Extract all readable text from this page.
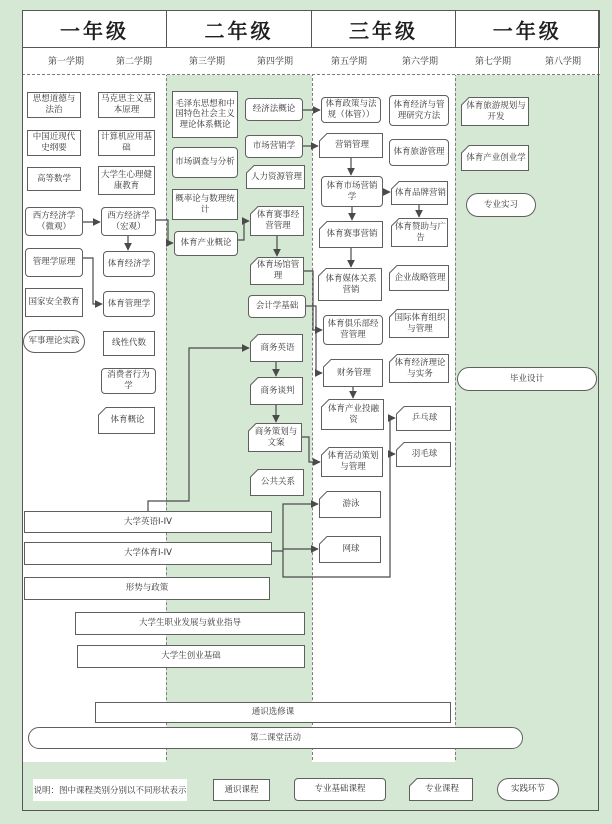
第一学期	第二学期	第三学期	第四学期	第五学期	第六学期	第七学期	第八学期
一年级	二年级	三年级	一年级
说明：图中课程类别分别以不同形状表示
思想道德与法治
中国近现代史纲要
高等数学
西方经济学（微观）
管理学原理
国家安全教育
军事理论实践
马克思主义基本原理
计算机应用基础
大学生心理健康教育
西方经济学（宏观）
体育经济学
体育管理学
线性代数
消费者行为学
体育概论
毛泽东思想和中国特色社会主义理论体系概论
市场调查与分析
概率论与数理统计
体育产业概论
经济法概论
市场营销学
人力资源管理
体育赛事经营管理
体育场馆管理
会计学基础
商务英语
商务谈判
商务策划与文案
公共关系
体育政策与法规（体管））
营销管理
体育市场营销学
体育赛事营销
体育媒体关系营销
体育俱乐部经营管理
财务管理
体育产业投融资
体育活动策划与管理
游泳
网球
体育经济与管理研究方法
体育旅游管理
体育品牌营销
体育赞助与广告
企业战略管理
国际体育组织与管理
体育经济理论与实务
乒乓球
羽毛球
体育旅游规划与开发
体育产业创业学
专业实习
毕业设计
大学英语I-IV
大学体育I-IV
形势与政策
大学生职业发展与就业指导
大学生创业基础
通识选修课
第二课堂活动
通识课程	专业基础课程	专业课程	实践环节
